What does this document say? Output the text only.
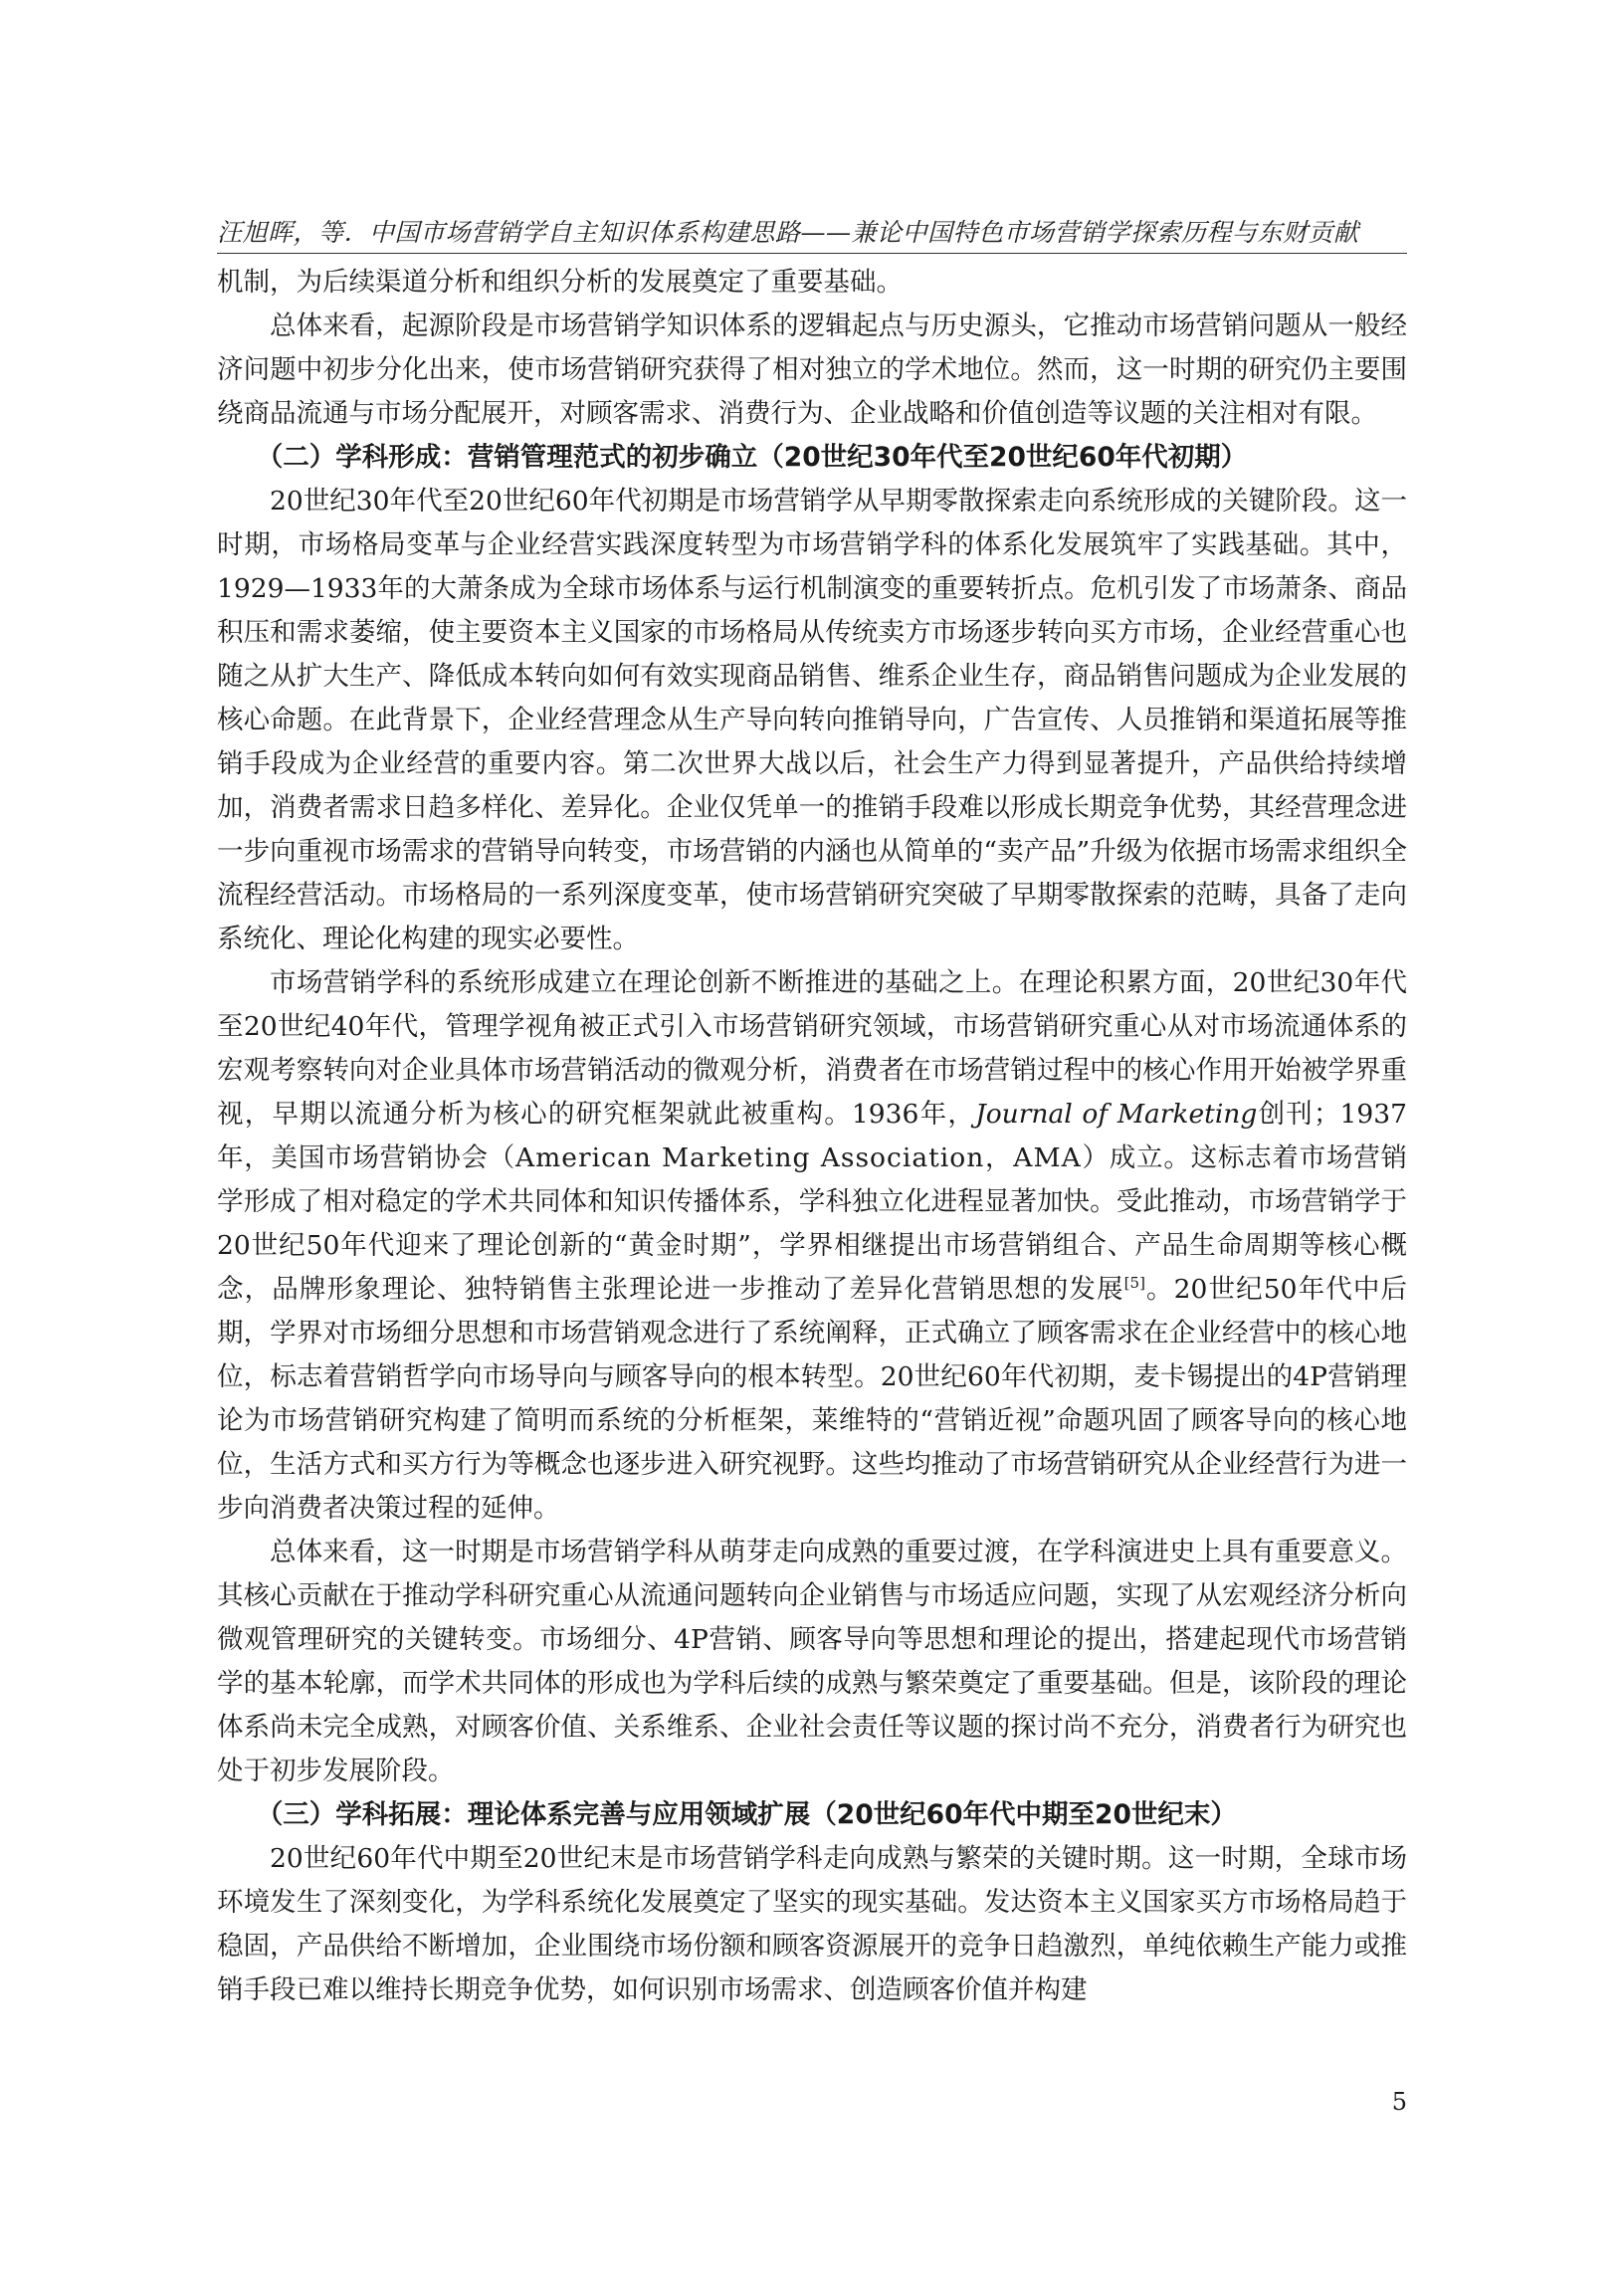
汪旭晖，等．中国市场营销学自主知识体系构建思路——兼论中国特色市场营销学探索历程与东财贡献

机制，为后续渠道分析和组织分析的发展奠定了重要基础。

总体来看，起源阶段是市场营销学知识体系的逻辑起点与历史源头，它推动市场营销问题从一般经济问题中初步分化出来，使市场营销研究获得了相对独立的学术地位。然而，这一时期的研究仍主要围绕商品流通与市场分配展开，对顾客需求、消费行为、企业战略和价值创造等议题的关注相对有限。

（二）学科形成：营销管理范式的初步确立（20世纪30年代至20世纪60年代初期）

20世纪30年代至20世纪60年代初期是市场营销学从早期零散探索走向系统形成的关键阶段。这一时期，市场格局变革与企业经营实践深度转型为市场营销学科的体系化发展筑牢了实践基础。其中，1929—1933年的大萧条成为全球市场体系与运行机制演变的重要转折点。危机引发了市场萧条、商品积压和需求萎缩，使主要资本主义国家的市场格局从传统卖方市场逐步转向买方市场，企业经营重心也随之从扩大生产、降低成本转向如何有效实现商品销售、维系企业生存，商品销售问题成为企业发展的核心命题。在此背景下，企业经营理念从生产导向转向推销导向，广告宣传、人员推销和渠道拓展等推销手段成为企业经营的重要内容。第二次世界大战以后，社会生产力得到显著提升，产品供给持续增加，消费者需求日趋多样化、差异化。企业仅凭单一的推销手段难以形成长期竞争优势，其经营理念进一步向重视市场需求的营销导向转变，市场营销的内涵也从简单的“卖产品”升级为依据市场需求组织全流程经营活动。市场格局的一系列深度变革，使市场营销研究突破了早期零散探索的范畴，具备了走向系统化、理论化构建的现实必要性。

市场营销学科的系统形成建立在理论创新不断推进的基础之上。在理论积累方面，20世纪30年代至20世纪40年代，管理学视角被正式引入市场营销研究领域，市场营销研究重心从对市场流通体系的宏观考察转向对企业具体市场营销活动的微观分析，消费者在市场营销过程中的核心作用开始被学界重视，早期以流通分析为核心的研究框架就此被重构。1936年，Journal of Marketing创刊；1937年，美国市场营销协会（American Marketing Association，AMA）成立。这标志着市场营销学形成了相对稳定的学术共同体和知识传播体系，学科独立化进程显著加快。受此推动，市场营销学于20世纪50年代迎来了理论创新的“黄金时期”，学界相继提出市场营销组合、产品生命周期等核心概念，品牌形象理论、独特销售主张理论进一步推动了差异化营销思想的发展[5]。20世纪50年代中后期，学界对市场细分思想和市场营销观念进行了系统阐释，正式确立了顾客需求在企业经营中的核心地位，标志着营销哲学向市场导向与顾客导向的根本转型。20世纪60年代初期，麦卡锡提出的4P营销理论为市场营销研究构建了简明而系统的分析框架，莱维特的“营销近视”命题巩固了顾客导向的核心地位，生活方式和买方行为等概念也逐步进入研究视野。这些均推动了市场营销研究从企业经营行为进一步向消费者决策过程的延伸。

总体来看，这一时期是市场营销学科从萌芽走向成熟的重要过渡，在学科演进史上具有重要意义。其核心贡献在于推动学科研究重心从流通问题转向企业销售与市场适应问题，实现了从宏观经济分析向微观管理研究的关键转变。市场细分、4P营销、顾客导向等思想和理论的提出，搭建起现代市场营销学的基本轮廓，而学术共同体的形成也为学科后续的成熟与繁荣奠定了重要基础。但是，该阶段的理论体系尚未完全成熟，对顾客价值、关系维系、企业社会责任等议题的探讨尚不充分，消费者行为研究也处于初步发展阶段。

（三）学科拓展：理论体系完善与应用领域扩展（20世纪60年代中期至20世纪末）

20世纪60年代中期至20世纪末是市场营销学科走向成熟与繁荣的关键时期。这一时期，全球市场环境发生了深刻变化，为学科系统化发展奠定了坚实的现实基础。发达资本主义国家买方市场格局趋于稳固，产品供给不断增加，企业围绕市场份额和顾客资源展开的竞争日趋激烈，单纯依赖生产能力或推销手段已难以维持长期竞争优势，如何识别市场需求、创造顾客价值并构建

5
